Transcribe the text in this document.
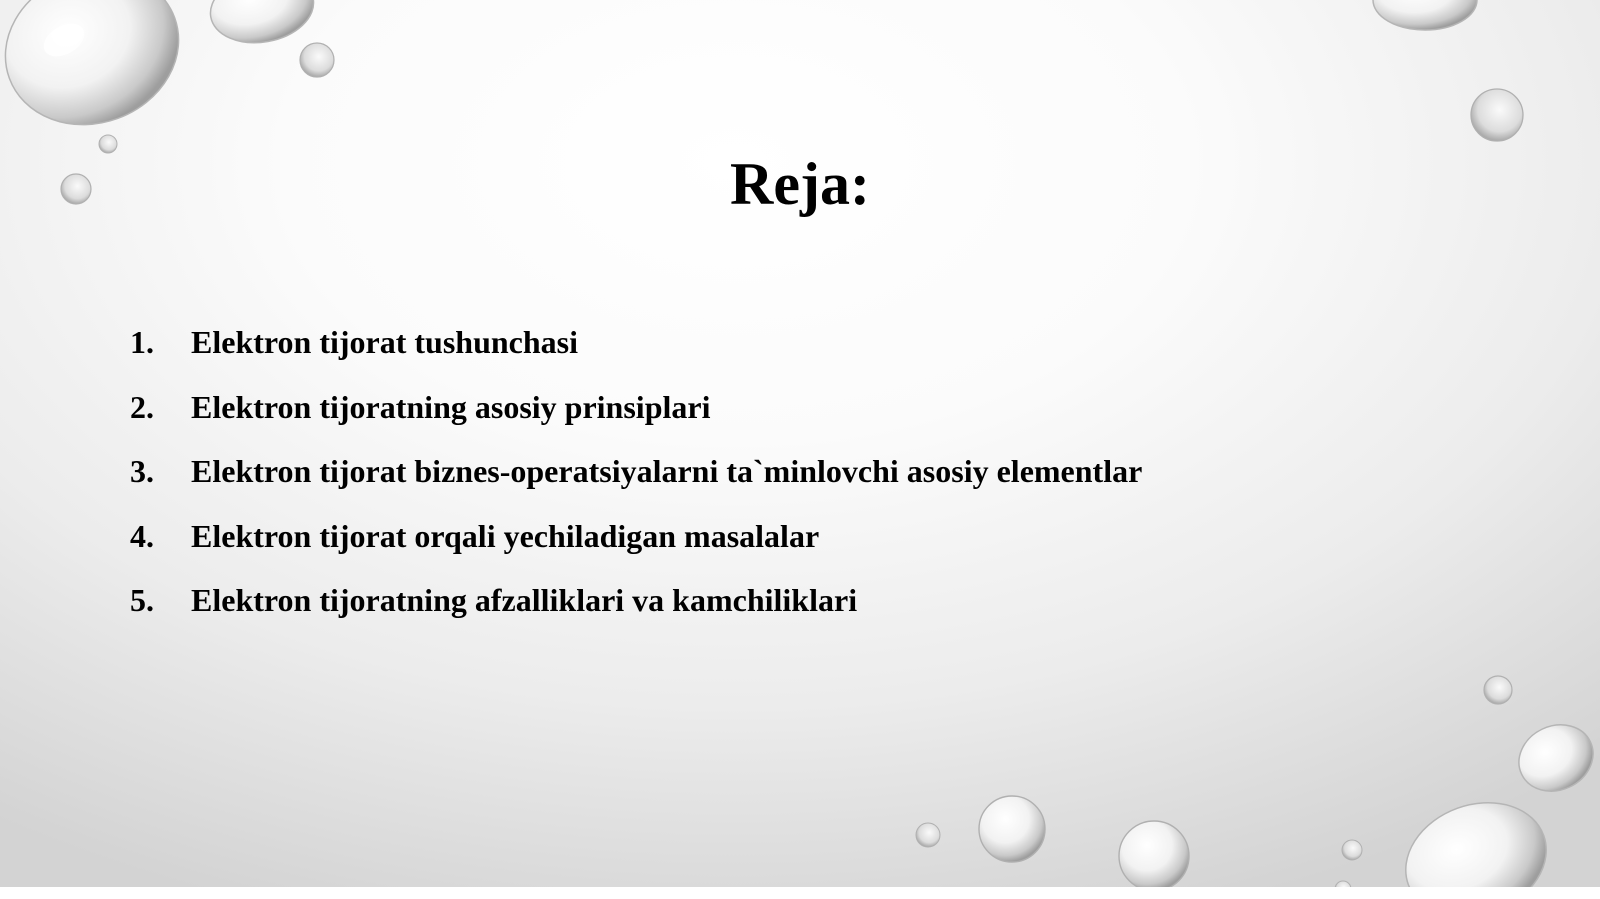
Reja:
1.	Elektron tijorat tushunchasi
2.	Elektron tijoratning asosiy prinsiplari
3.	Elektron tijorat biznes-operatsiyalarni ta`minlovchi asosiy elementlar
4.	Elektron tijorat orqali yechiladigan masalalar
5.	Elektron tijoratning afzalliklari va kamchiliklari
